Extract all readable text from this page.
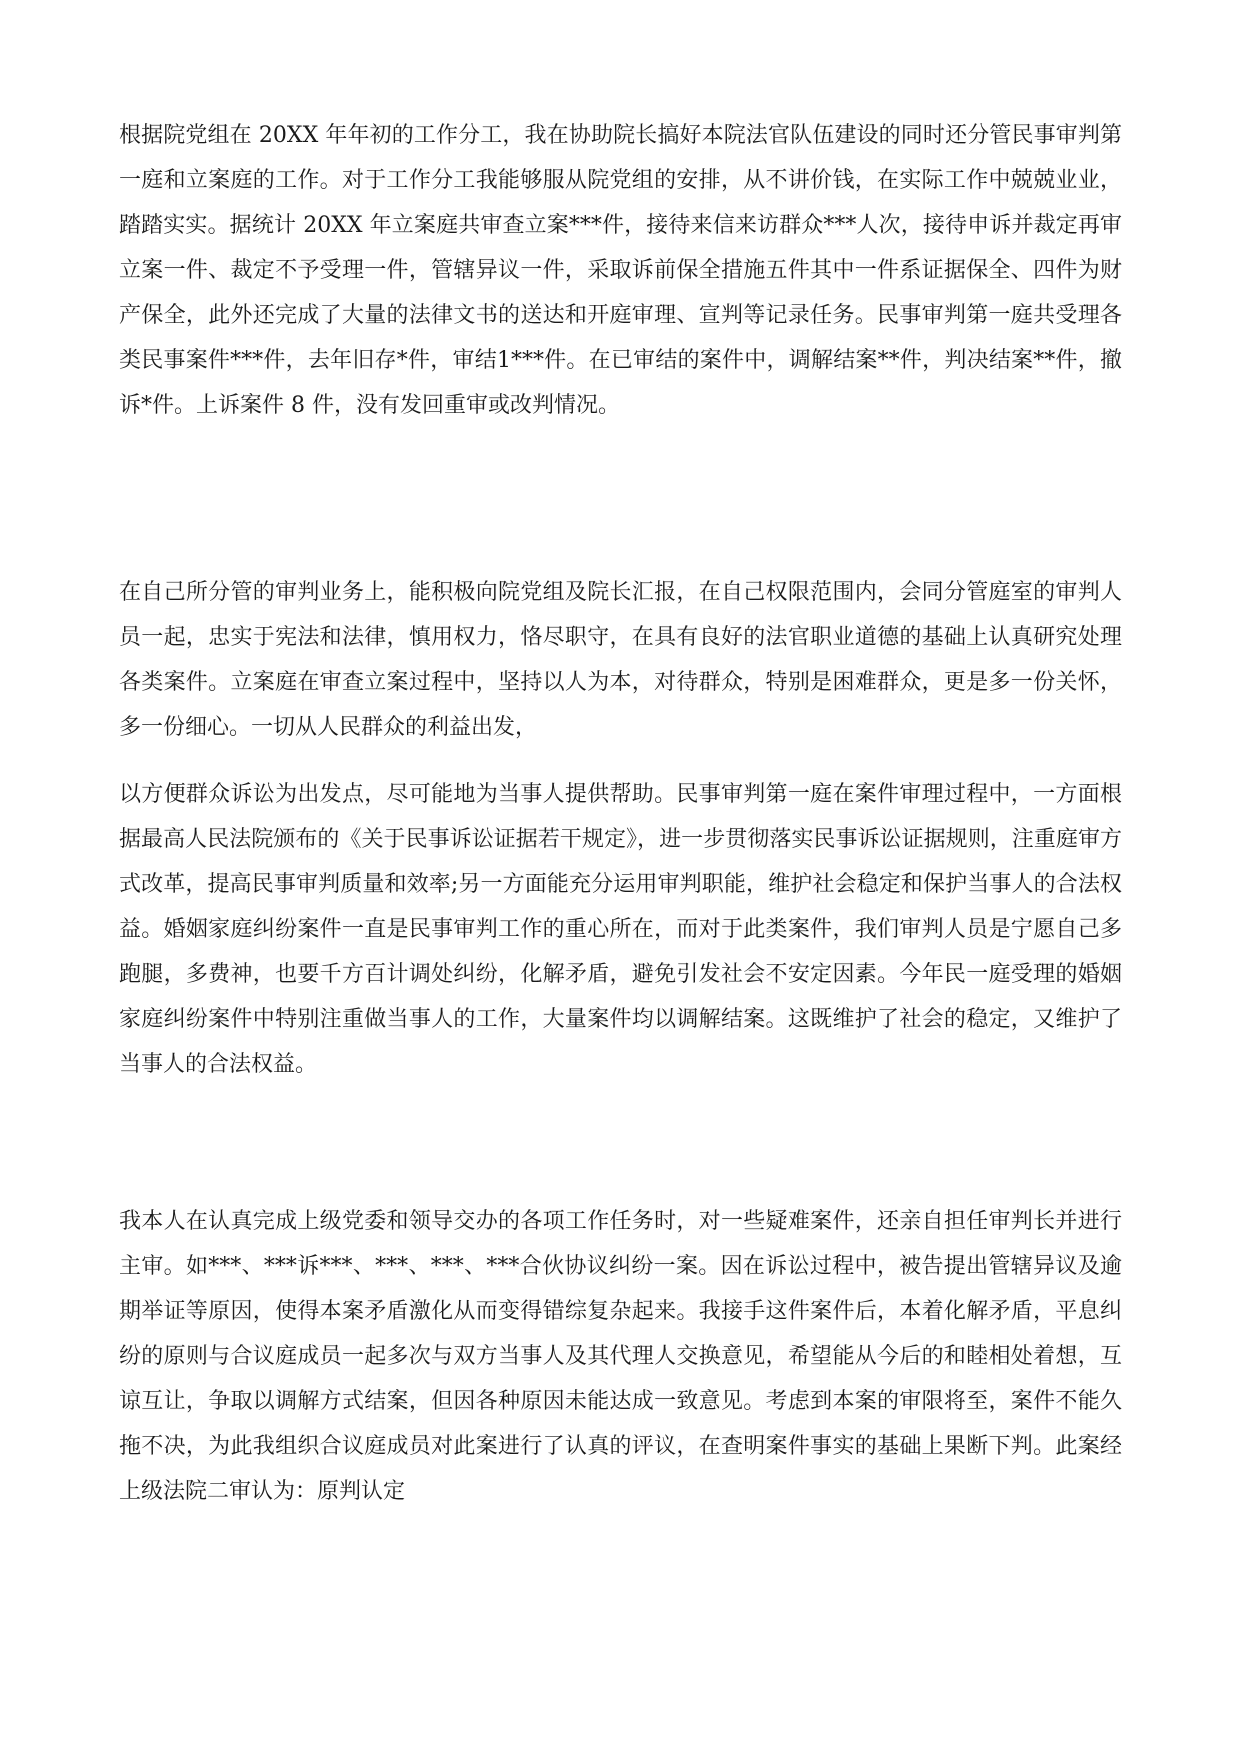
根据院党组在 20XX 年年初的工作分工，我在协助院长搞好本院法官队伍建设的同时还分管民事审判第一庭和立案庭的工作。对于工作分工我能够服从院党组的安排，从不讲价钱，在实际工作中兢兢业业，踏踏实实。据统计 20XX 年立案庭共审查立案***件，接待来信来访群众***人次，接待申诉并裁定再审立案一件、裁定不予受理一件，管辖异议一件，采取诉前保全措施五件其中一件系证据保全、四件为财产保全，此外还完成了大量的法律文书的送达和开庭审理、宣判等记录任务。民事审判第一庭共受理各类民事案件***件，去年旧存*件，审结1***件。在已审结的案件中，调解结案**件，判决结案**件，撤诉*件。上诉案件 8 件，没有发回重审或改判情况。

在自己所分管的审判业务上，能积极向院党组及院长汇报，在自己权限范围内，会同分管庭室的审判人员一起，忠实于宪法和法律，慎用权力，恪尽职守，在具有良好的法官职业道德的基础上认真研究处理各类案件。立案庭在审查立案过程中，坚持以人为本，对待群众，特别是困难群众，更是多一份关怀，多一份细心。一切从人民群众的利益出发，

以方便群众诉讼为出发点，尽可能地为当事人提供帮助。民事审判第一庭在案件审理过程中，一方面根据最高人民法院颁布的《关于民事诉讼证据若干规定》，进一步贯彻落实民事诉讼证据规则，注重庭审方式改革，提高民事审判质量和效率;另一方面能充分运用审判职能，维护社会稳定和保护当事人的合法权益。婚姻家庭纠纷案件一直是民事审判工作的重心所在，而对于此类案件，我们审判人员是宁愿自己多跑腿，多费神，也要千方百计调处纠纷，化解矛盾，避免引发社会不安定因素。今年民一庭受理的婚姻家庭纠纷案件中特别注重做当事人的工作，大量案件均以调解结案。这既维护了社会的稳定，又维护了当事人的合法权益。

我本人在认真完成上级党委和领导交办的各项工作任务时，对一些疑难案件，还亲自担任审判长并进行主审。如***、***诉***、***、***、***合伙协议纠纷一案。因在诉讼过程中，被告提出管辖异议及逾期举证等原因，使得本案矛盾激化从而变得错综复杂起来。我接手这件案件后，本着化解矛盾，平息纠纷的原则与合议庭成员一起多次与双方当事人及其代理人交换意见，希望能从今后的和睦相处着想，互谅互让，争取以调解方式结案，但因各种原因未能达成一致意见。考虑到本案的审限将至，案件不能久拖不决，为此我组织合议庭成员对此案进行了认真的评议，在查明案件事实的基础上果断下判。此案经上级法院二审认为：原判认定
